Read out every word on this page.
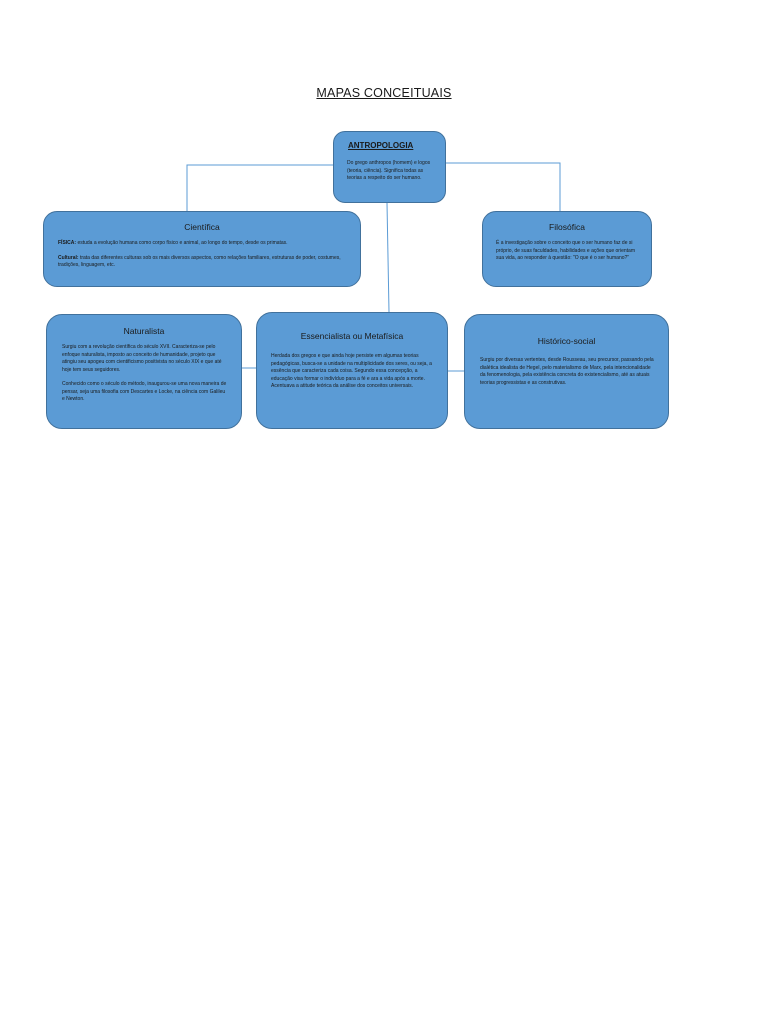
MAPAS CONCEITUAIS
ANTROPOLOGIA

Do grego anthropos (homem) e logos (teoria, ciência). Significa todas as teorias a respeito do ser humano.

Científica

FÍSICA: estuda a evolução humana como corpo físico e animal, ao longo do tempo, desde os primatas.

Cultural: trata das diferentes culturas sob os mais diversos aspectos, como relações familiares, estruturas de poder, costumes, tradições, linguagem, etc.

Filosófica

É a investigação sobre o conceito que o ser humano faz de si próprio, de suas faculdades, habilidades e ações que orientam sua vida, ao responder à questão: "O que é o ser humano?"

Naturalista

Surgiu com a revolução científica do século XVII. Caracteriza-se pelo enfoque naturalista, imposto ao conceito de humanidade, projeto que atingiu seu apogeu com cientificismo positivista no século XIX e que até hoje tem seus seguidores.

Conhecido como o século do método, inaugurou-se uma nova maneira de pensar, seja uma filosofia com Descartes e Locke, na ciência com Galileu e Newton.

Essencialista ou Metafísica

Herdada dos gregos e que ainda hoje persiste em algumas teorias pedagógicas, busca-se a unidade na multiplicidade dos seres, ou seja, a essência que caracteriza cada coisa. Segundo essa concepção, a educação visa formar o indivíduo para a fé e ara a vida após a morte. Acentuava a atitude teórica da análise dos conceitos universais.

Histórico-social

Surgiu por diversas vertentes, desde Rousseau, seu precursor, passando pela dialética idealista de Hegel, pelo materialismo de Marx, pela intencionalidade da fenomenologia, pela existência concreta do existencialismo, até as atuais teorias progressistas e as construtivas.
